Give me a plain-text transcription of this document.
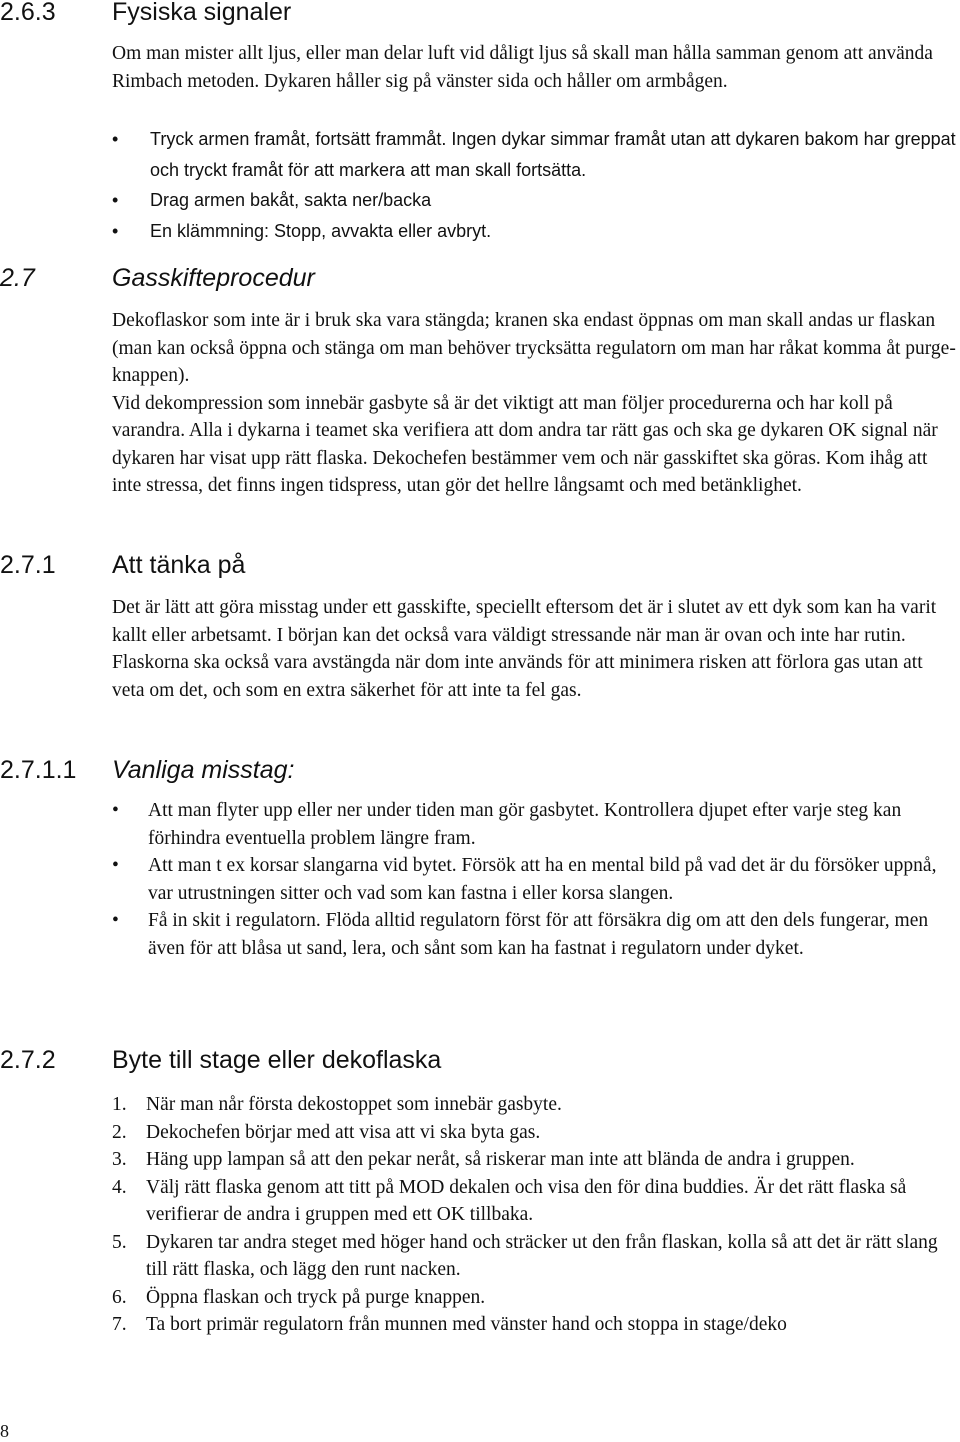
2.6.3 Fysiska signaler

Om man mister allt ljus, eller man delar luft vid dåligt ljus så skall man hålla samman genom att använda Rimbach metoden. Dykaren håller sig på vänster sida och håller om armbågen.

• Tryck armen framåt, fortsätt frammåt. Ingen dykar simmar framåt utan att dykaren bakom har greppat och tryckt framåt för att markera att man skall fortsätta.
• Drag armen bakåt, sakta ner/backa
• En klämmning: Stopp, avvakta eller avbryt.
2.7	Gasskifteprocedur

Dekoflaskor som inte är i bruk ska vara stängda; kranen ska endast öppnas om man skall andas ur flaskan (man kan också öppna och stänga om man behöver trycksätta regulatorn om man har råkat komma åt purge-knappen).

Vid dekompression som innebär gasbyte så är det viktigt att man följer procedurerna och har koll på varandra. Alla i dykarna i teamet ska verifiera att dom andra tar rätt gas och ska ge dykaren OK signal när dykaren har visat upp rätt flaska. Dekochefen bestämmer vem och när gasskiftet ska göras. Kom ihåg att inte stressa, det finns ingen tidspress, utan gör det hellre långsamt och med betänklighet.

2.7.1 Att tänka på

Det är lätt att göra misstag under ett gasskifte, speciellt eftersom det är i slutet av ett dyk som kan ha varit kallt eller arbetsamt. I början kan det också vara väldigt stressande när man är ovan och inte har rutin.

Flaskorna ska också vara avstängda när dom inte används för att minimera risken att förlora gas utan att veta om det, och som en extra säkerhet för att inte ta fel gas.

2.7.1.1 Vanliga misstag:
• Att man flyter upp eller ner under tiden man gör gasbytet. Kontrollera djupet efter varje steg kan förhindra eventuella problem längre fram.
• Att man t ex korsar slangarna vid bytet. Försök att ha en mental bild på vad det är du försöker uppnå, var utrustningen sitter och vad som kan fastna i eller korsa slangen.
• Få in skit i regulatorn. Flöda alltid regulatorn först för att försäkra dig om att den dels fungerar, men även för att blåsa ut sand, lera, och sånt som kan ha fastnat i regulatorn under dyket.
2.7.2 Byte till stage eller dekoflaska
1. När man når första dekostoppet som innebär gasbyte.
2. Dekochefen börjar med att visa att vi ska byta gas.
3. Häng upp lampan så att den pekar neråt, så riskerar man inte att blända de andra i gruppen.
4. Välj rätt flaska genom att titt på MOD dekalen och visa den för dina buddies. Är det rätt flaska så verifierar de andra i gruppen med ett OK tillbaka.
5. Dykaren tar andra steget med höger hand och sträcker ut den från flaskan, kolla så att det är rätt slang till rätt flaska, och lägg den runt nacken.
6. Öppna flaskan och tryck på purge knappen.
7. Ta bort primär regulatorn från munnen med vänster hand och stoppa in stage/deko
8
